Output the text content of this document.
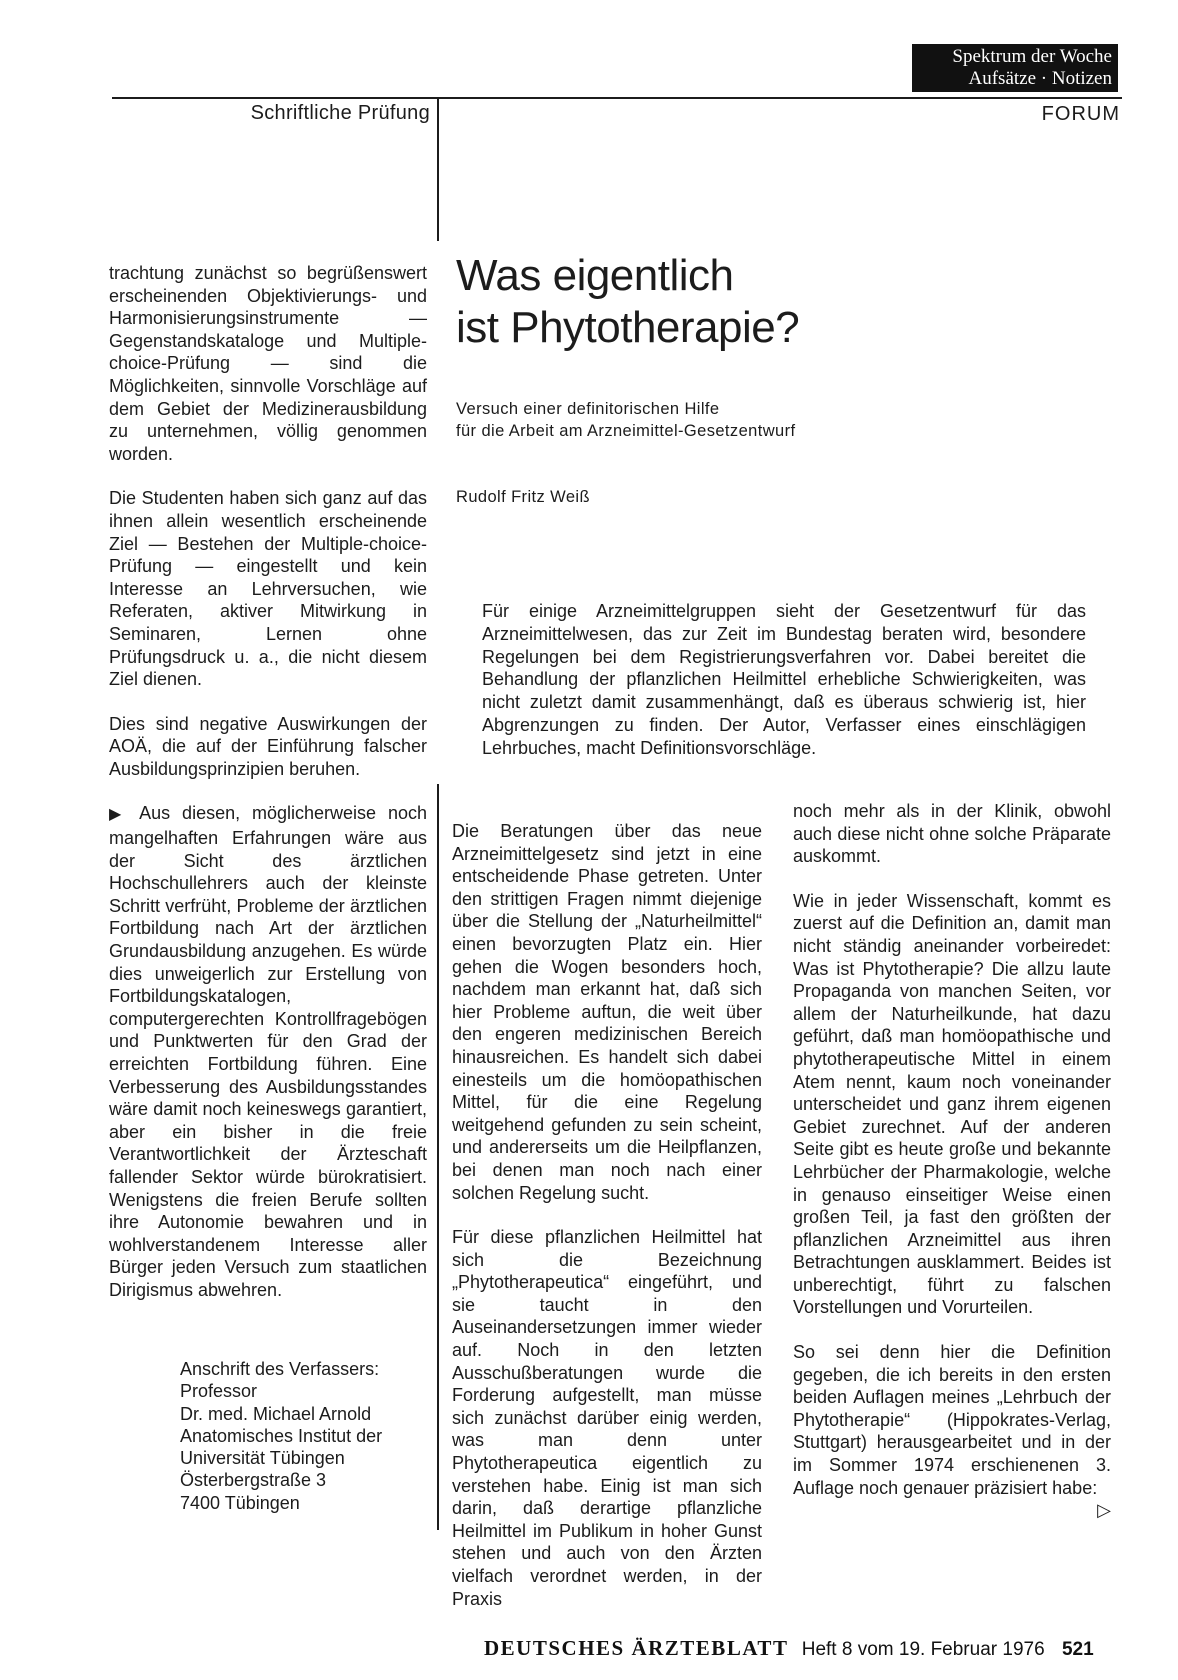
Spektrum der Woche
Aufsätze · Notizen
Schriftliche Prüfung	FORUM

trachtung zunächst so begrüßenswert erscheinenden Objektivierungs- und Harmonisierungsinstrumente — Gegenstandskataloge und Multiple-choice-Prüfung — sind die Möglichkeiten, sinnvolle Vorschläge auf dem Gebiet der Medizinerausbildung zu unternehmen, völlig genommen worden.

Die Studenten haben sich ganz auf das ihnen allein wesentlich erscheinende Ziel — Bestehen der Multiple-choice-Prüfung — eingestellt und kein Interesse an Lehrversuchen, wie Referaten, aktiver Mitwirkung in Seminaren, Lernen ohne Prüfungsdruck u. a., die nicht diesem Ziel dienen.

Dies sind negative Auswirkungen der AOÄ, die auf der Einführung falscher Ausbildungsprinzipien beruhen.

▶ Aus diesen, möglicherweise noch mangelhaften Erfahrungen wäre aus der Sicht des ärztlichen Hochschullehrers auch der kleinste Schritt verfrüht, Probleme der ärztlichen Fortbildung nach Art der ärztlichen Grundausbildung anzugehen. Es würde dies unweigerlich zur Erstellung von Fortbildungskatalogen, computergerechten Kontrollfragebögen und Punktwerten für den Grad der erreichten Fortbildung führen. Eine Verbesserung des Ausbildungsstandes wäre damit noch keineswegs garantiert, aber ein bisher in die freie Verantwortlichkeit der Ärzteschaft fallender Sektor würde bürokratisiert. Wenigstens die freien Berufe sollten ihre Autonomie bewahren und in wohlverstandenem Interesse aller Bürger jeden Versuch zum staatlichen Dirigismus abwehren.

Anschrift des Verfassers:
Professor
Dr. med. Michael Arnold
Anatomisches Institut der
Universität Tübingen
Österbergstraße 3
7400 Tübingen
Was eigentlich
ist Phytotherapie?
Versuch einer definitorischen Hilfe
für die Arbeit am Arzneimittel-Gesetzentwurf
Rudolf Fritz Weiß
Für einige Arzneimittelgruppen sieht der Gesetzentwurf für das Arzneimittelwesen, das zur Zeit im Bundestag beraten wird, besondere Regelungen bei dem Registrierungsverfahren vor. Dabei bereitet die Behandlung der pflanzlichen Heilmittel erhebliche Schwierigkeiten, was nicht zuletzt damit zusammenhängt, daß es überaus schwierig ist, hier Abgrenzungen zu finden. Der Autor, Verfasser eines einschlägigen Lehrbuches, macht Definitionsvorschläge.

Die Beratungen über das neue Arzneimittelgesetz sind jetzt in eine entscheidende Phase getreten. Unter den strittigen Fragen nimmt diejenige über die Stellung der „Naturheilmittel“ einen bevorzugten Platz ein. Hier gehen die Wogen besonders hoch, nachdem man erkannt hat, daß sich hier Probleme auftun, die weit über den engeren medizinischen Bereich hinausreichen. Es handelt sich dabei einesteils um die homöopathischen Mittel, für die eine Regelung weitgehend gefunden zu sein scheint, und andererseits um die Heilpflanzen, bei denen man noch nach einer solchen Regelung sucht.

Für diese pflanzlichen Heilmittel hat sich die Bezeichnung „Phytotherapeutica“ eingeführt, und sie taucht in den Auseinandersetzungen immer wieder auf. Noch in den letzten Ausschußberatungen wurde die Forderung aufgestellt, man müsse sich zunächst darüber einig werden, was man denn unter Phytotherapeutica eigentlich zu verstehen habe. Einig ist man sich darin, daß derartige pflanzliche Heilmittel im Publikum in hoher Gunst stehen und auch von den Ärzten vielfach verordnet werden, in der Praxis

noch mehr als in der Klinik, obwohl auch diese nicht ohne solche Präparate auskommt.

Wie in jeder Wissenschaft, kommt es zuerst auf die Definition an, damit man nicht ständig aneinander vorbeiredet: Was ist Phytotherapie? Die allzu laute Propaganda von manchen Seiten, vor allem der Naturheilkunde, hat dazu geführt, daß man homöopathische und phytotherapeutische Mittel in einem Atem nennt, kaum noch voneinander unterscheidet und ganz ihrem eigenen Gebiet zurechnet. Auf der anderen Seite gibt es heute große und bekannte Lehrbücher der Pharmakologie, welche in genauso einseitiger Weise einen großen Teil, ja fast den größten der pflanzlichen Arzneimittel aus ihren Betrachtungen ausklammert. Beides ist unberechtigt, führt zu falschen Vorstellungen und Vorurteilen.

So sei denn hier die Definition gegeben, die ich bereits in den ersten beiden Auflagen meines „Lehrbuch der Phytotherapie“ (Hippokrates-Verlag, Stuttgart) herausgearbeitet und in der im Sommer 1974 erschienenen 3. Auflage noch genauer präzisiert habe:
▷

DEUTSCHES ÄRZTEBLATT Heft 8 vom 19. Februar 1976 521
